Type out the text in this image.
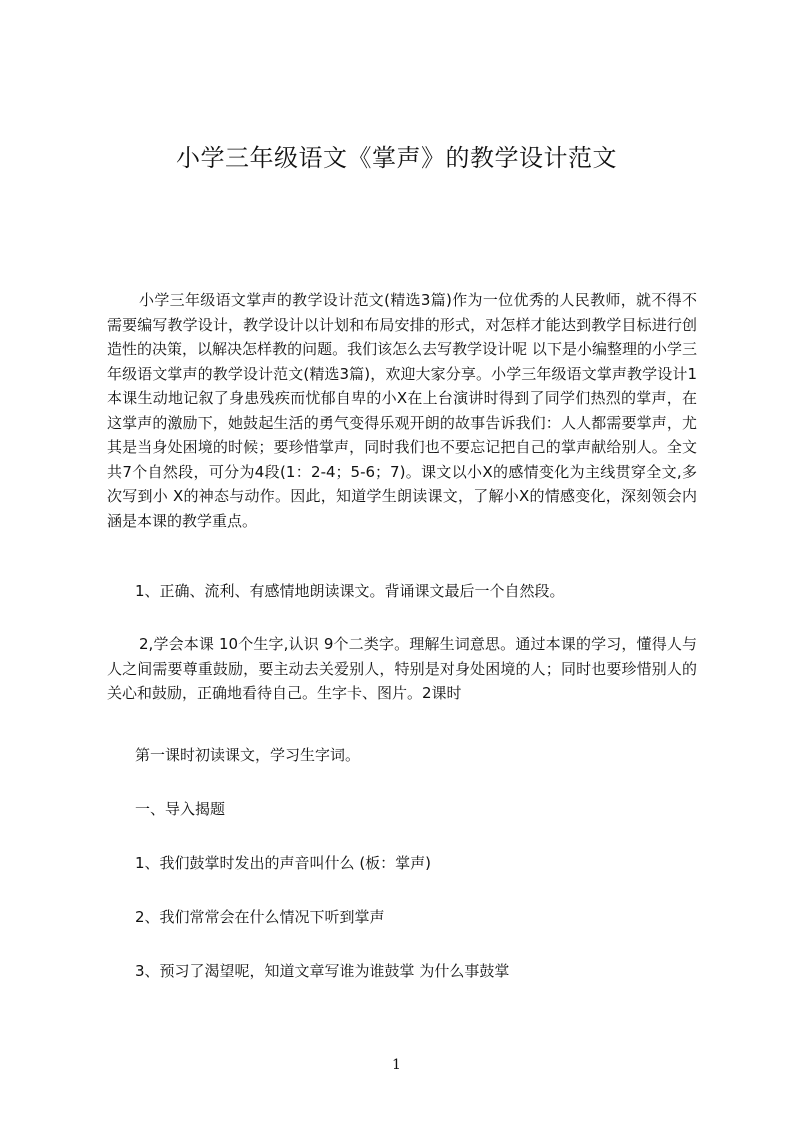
小学三年级语文《掌声》的教学设计范文

小学三年级语文掌声的教学设计范文(精选3篇)作为一位优秀的人民教师，就不得不需要编写教学设计，教学设计以计划和布局安排的形式，对怎样才能达到教学目标进行创造性的决策，以解决怎样教的问题。我们该怎么去写教学设计呢 以下是小编整理的小学三年级语文掌声的教学设计范文(精选3篇)，欢迎大家分享。小学三年级语文掌声教学设计1本课生动地记叙了身患残疾而忧郁自卑的小X在上台演讲时得到了同学们热烈的掌声，在这掌声的激励下，她鼓起生活的勇气变得乐观开朗的故事告诉我们：人人都需要掌声，尤其是当身处困境的时候；要珍惜掌声，同时我们也不要忘记把自己的掌声献给别人。全文共7个自然段，可分为4段(1：2-4；5-6；7)。课文以小X的感情变化为主线贯穿全文,多次写到小 X的神态与动作。因此，知道学生朗读课文，了解小X的情感变化，深刻领会内涵是本课的教学重点。

1、正确、流利、有感情地朗读课文。背诵课文最后一个自然段。

2,学会本课 10个生字,认识 9个二类字。理解生词意思。通过本课的学习，懂得人与人之间需要尊重鼓励，要主动去关爱别人，特别是对身处困境的人；同时也要珍惜别人的关心和鼓励，正确地看待自己。生字卡、图片。2课时

第一课时初读课文，学习生字词。

一、导入揭题

1、我们鼓掌时发出的声音叫什么 (板：掌声)

2、我们常常会在什么情况下听到掌声

3、预习了渴望呢，知道文章写谁为谁鼓掌 为什么事鼓掌

1
